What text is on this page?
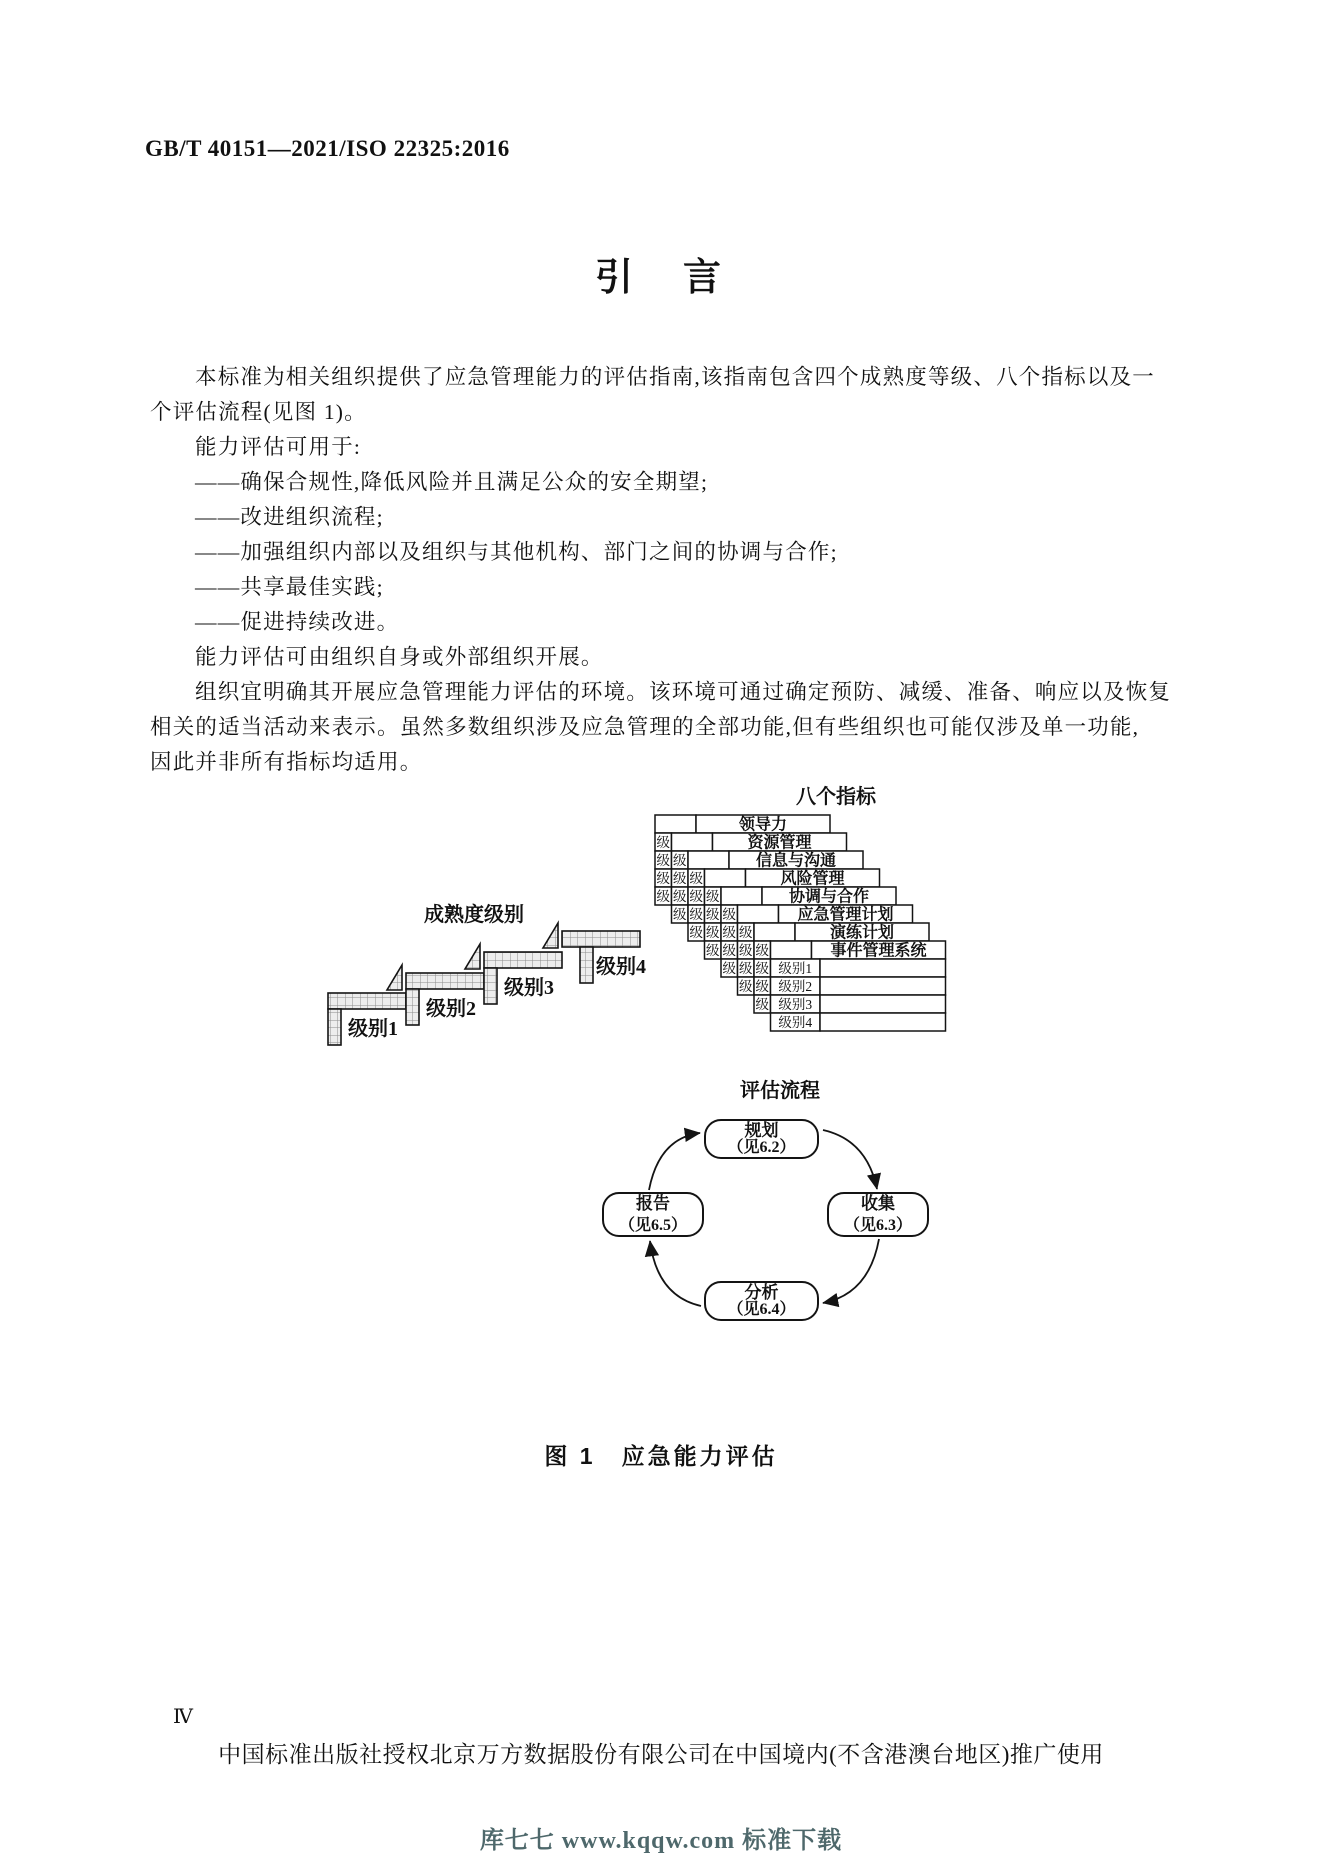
GB/T 40151—2021/ISO 22325:2016
引　言
本标准为相关组织提供了应急管理能力的评估指南,该指南包含四个成熟度等级、八个指标以及一
个评估流程(见图 1)。
能力评估可用于:
——确保合规性,降低风险并且满足公众的安全期望;
——改进组织流程;
——加强组织内部以及组织与其他机构、部门之间的协调与合作;
——共享最佳实践;
——促进持续改进。
能力评估可由组织自身或外部组织开展。
组织宜明确其开展应急管理能力评估的环境。该环境可通过确定预防、减缓、准备、响应以及恢复
相关的适当活动来表示。虽然多数组织涉及应急管理的全部功能,但有些组织也可能仅涉及单一功能,
因此并非所有指标均适用。
八个指标
成熟度级别
评估流程
领导力
级	资源管理
级 级	信息与沟通
级 级 级	风险管理
级 级 级 级	协调与合作
级 级 级 级	应急管理计划
级 级 级 级	演练计划
级 级 级 级	事件管理系统
级 级 级 级别1
级 级 级别2
级 级别3
级别4
级别1
级别2
级别3
级别4
规划
（见6.2）
收集
（见6.3）
分析
（见6.4）
报告
（见6.5）
图 1　应急能力评估
Ⅳ
中国标准出版社授权北京万方数据股份有限公司在中国境内(不含港澳台地区)推广使用
库七七 www.kqqw.com 标准下载
